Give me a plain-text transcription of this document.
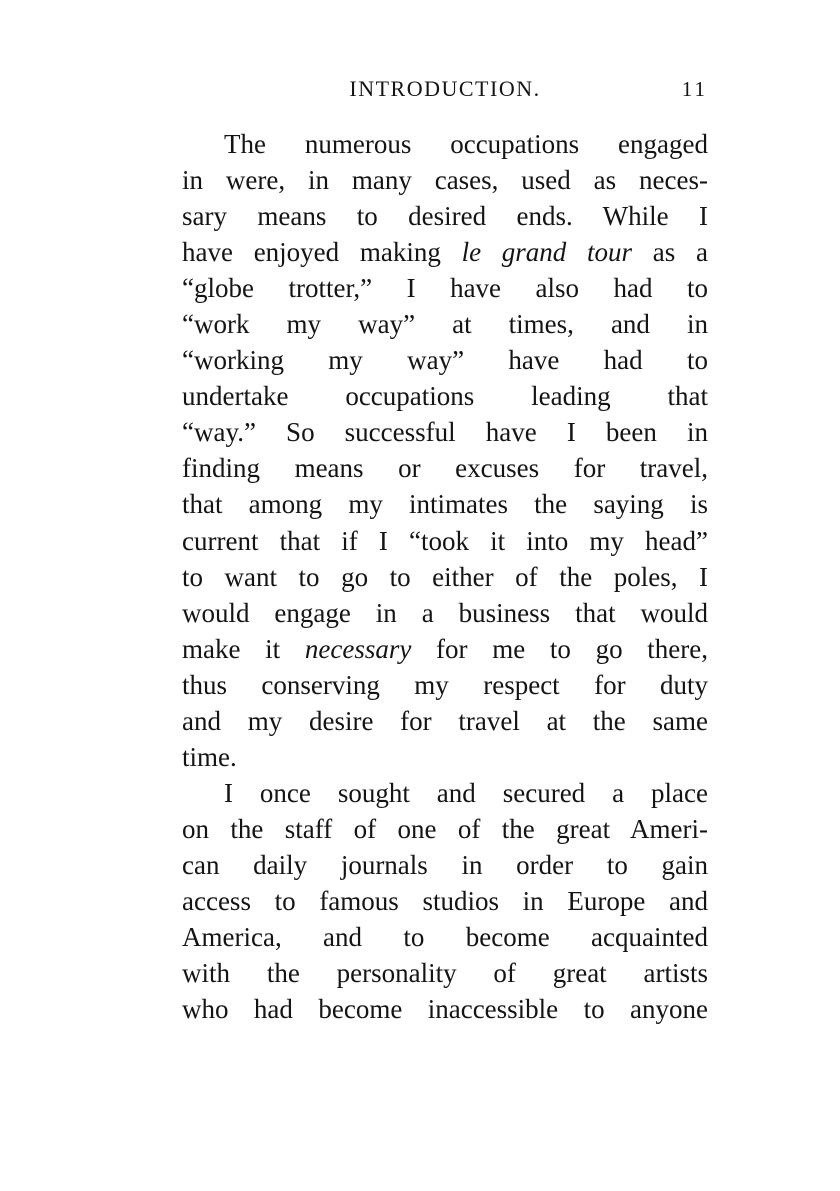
INTRODUCTION.	11
The numerous occupations engaged
in were, in many cases, used as neces-
sary means to desired ends. While I
have enjoyed making le grand tour as a
“globe trotter,” I have also had to
“work my way” at times, and in
“working my way” have had to
undertake occupations leading that
“way.” So successful have I been in
finding means or excuses for travel,
that among my intimates the saying is
current that if I “took it into my head”
to want to go to either of the poles, I
would engage in a business that would
make it necessary for me to go there,
thus conserving my respect for duty
and my desire for travel at the same
time.
I once sought and secured a place
on the staff of one of the great Ameri-
can daily journals in order to gain
access to famous studios in Europe and
America, and to become acquainted
with the personality of great artists
who had become inaccessible to anyone
